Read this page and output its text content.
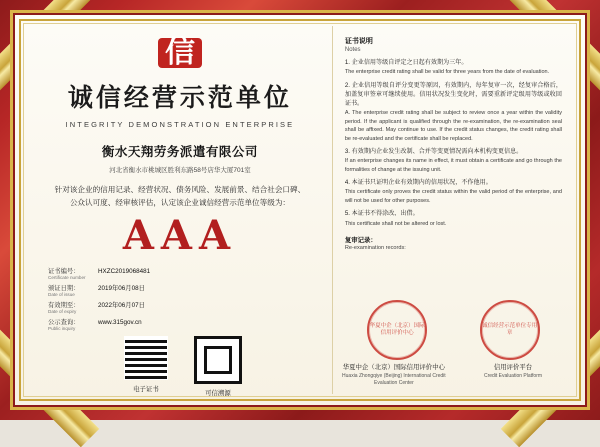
信
诚信经营示范单位
INTEGRITY DEMONSTRATION ENTERPRISE
衡水天翔劳务派遣有限公司
河北省衡水市桃城区胜利东路58号店华大厦701室
针对该企业的信用记录、经营状况、债务风险、发展前景、结合社会口碑、公众认可度、经审核评估，认定该企业诚信经营示范单位等级为：
AAA
证书编号：
Certificate number
HXZC2019068481
颁证日期：
Date of issue
2019年06月08日
有效期至：
Date of expiry
2022年06月07日
公示查询：
Public inquiry
www.315gov.cn
电子证书
可信溯源
证书说明
Notes
1. 企业信用等级自评定之日起有效期为三年。
The enterprise credit rating shall be valid for three years from the date of evaluation.
2. 企业信用等级自评分变更等原因，有效期内，每年复审一次，经复审合格后，加盖复审签章可继续使用。信用状况发生变化时，需要重新评定级用等级或收回证书。
A. The enterprise credit rating shall be subject to review once a year within the validity period. If the applicant is qualified through the re-examination, the re-examination seal shall be affixed. May continue to use. If the credit status changes, the credit rating shall be re-evaluated and the certificate shall be replaced.
3. 有效期内企业发生改制、合并等变更情况需向本机构变更信息。
If an enterprise changes its name in effect, it must obtain a certificate and go through the formalities of change at the issuing unit.
4. 本证书只证明企业有效期内的信用状况，不作他用。
This certificate only proves the credit status within the valid period of the enterprise, and will not be used for other purposes.
5. 本证书不得涂改、出借。
This certificate shall not be altered or lost.
复审记录：
Re-examination records:
华夏中企（北京）国际信用评价中心
诚信经营示范单位专用章
华夏中企（北京）国际信用评价中心
Huaxia Zhongqiye (Beijing) International Credit Evaluation Center
信用评价平台
Credit Evaluation Platform
